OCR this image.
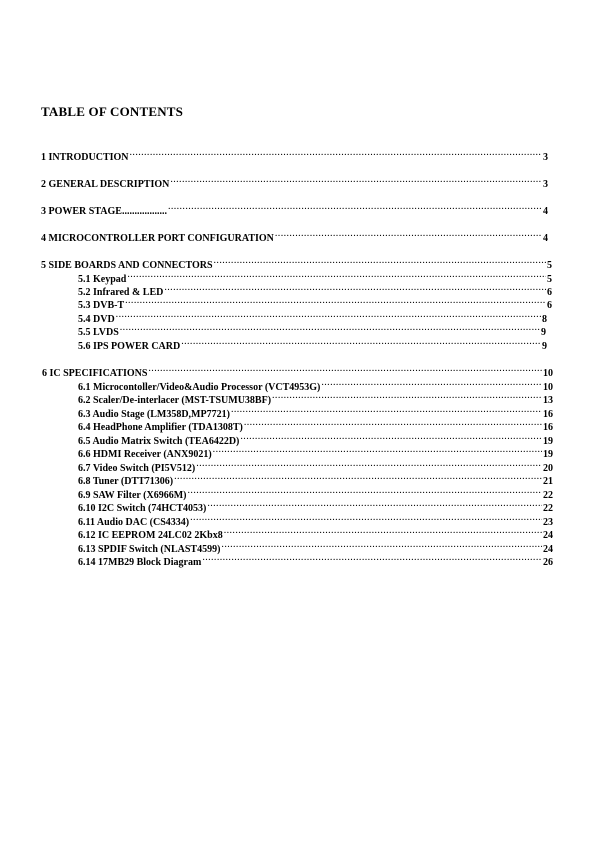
TABLE OF CONTENTS
1 INTRODUCTION .....	3
2 GENERAL DESCRIPTION .....	3
3 POWER STAGE.................. .....	4
4 MICROCONTROLLER PORT CONFIGURATION .....	4
5 SIDE BOARDS AND CONNECTORS .....	5
5.1 Keypad .....	5
5.2 Infrared & LED .....	6
5.3 DVB-T .....	6
5.4 DVD .....	8
5.5 LVDS .....	9
5.6 IPS POWER CARD .....	9
6 IC SPECIFICATIONS .....	10
6.1 Microcontoller/Video&Audio Processor (VCT4953G) .....	10
6.2 Scaler/De-interlacer (MST-TSUMU38BF) .....	13
6.3 Audio Stage (LM358D,MP7721) .....	16
6.4 HeadPhone Amplifier (TDA1308T) .....	16
6.5 Audio Matrix Switch (TEA6422D) .....	19
6.6 HDMI Receiver (ANX9021) .....	19
6.7 Video Switch (PI5V512) .....	20
6.8 Tuner (DTT71306) .....	21
6.9 SAW Filter (X6966M) .....	22
6.10 I2C Switch (74HCT4053) .....	22
6.11 Audio DAC (CS4334) .....	23
6.12 IC EEPROM 24LC02 2Kbx8 .....	24
6.13 SPDIF Switch (NLAST4599) .....	24
6.14 17MB29 Block Diagram .....	26
